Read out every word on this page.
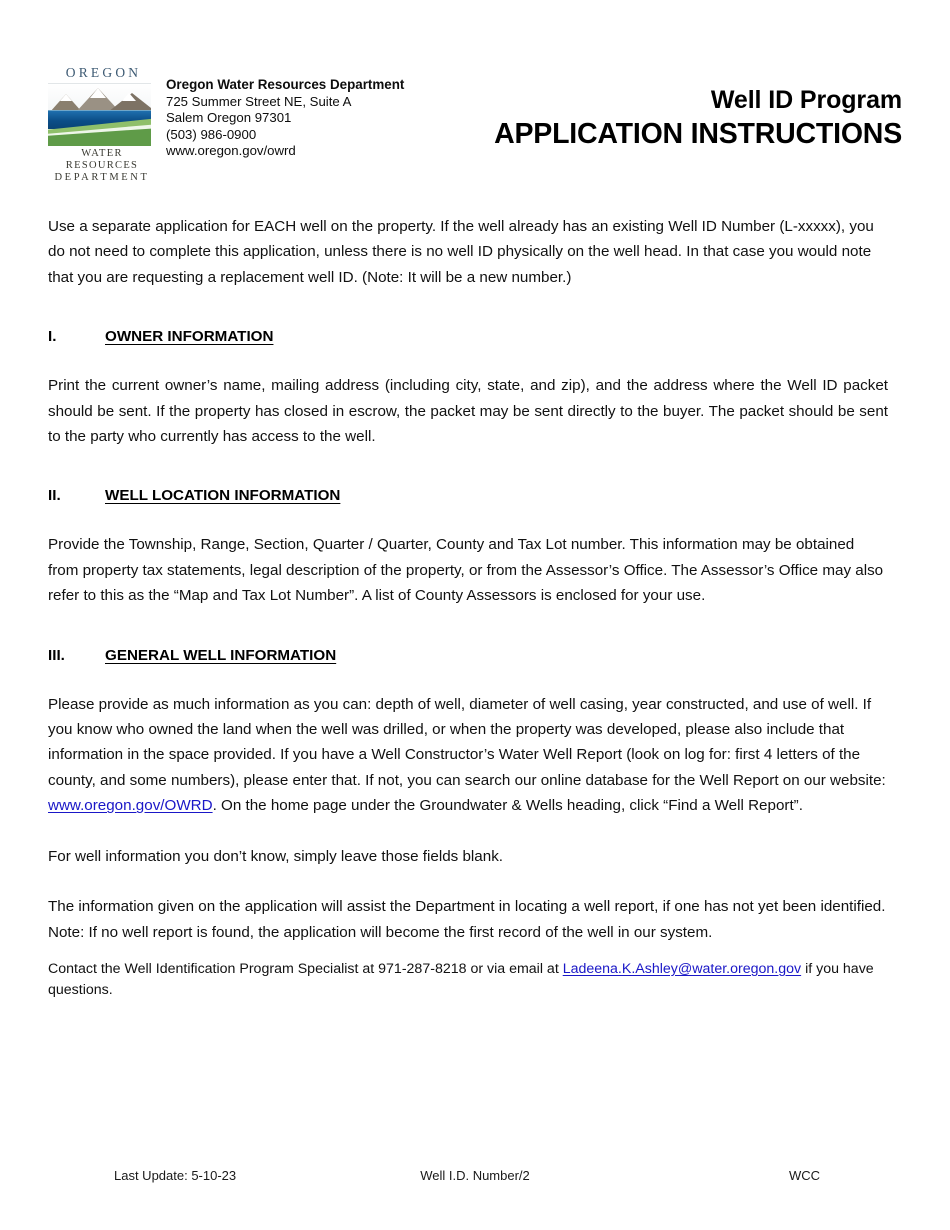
OREGON
WATER RESOURCES
DEPARTMENT
Oregon Water Resources Department
725 Summer Street NE, Suite A
Salem Oregon 97301
(503) 986-0900
www.oregon.gov/owrd
Well ID Program
APPLICATION INSTRUCTIONS

Use a separate application for EACH well on the property. If the well already has an existing Well ID Number (L-xxxxx), you do not need to complete this application, unless there is no well ID physically on the well head. In that case you would note that you are requesting a replacement well ID. (Note: It will be a new number.)

I.	OWNER INFORMATION

Print the current owner’s name, mailing address (including city, state, and zip), and the address where the Well ID packet should be sent. If the property has closed in escrow, the packet may be sent directly to the buyer. The packet should be sent to the party who currently has access to the well.

II.	WELL LOCATION INFORMATION

Provide the Township, Range, Section, Quarter / Quarter, County and Tax Lot number. This information may be obtained from property tax statements, legal description of the property, or from the Assessor’s Office. The Assessor’s Office may also refer to this as the “Map and Tax Lot Number”. A list of County Assessors is enclosed for your use.

III.	GENERAL WELL INFORMATION

Please provide as much information as you can: depth of well, diameter of well casing, year constructed, and use of well. If you know who owned the land when the well was drilled, or when the property was developed, please also include that information in the space provided. If you have a Well Constructor’s Water Well Report (look on log for: first 4 letters of the county, and some numbers), please enter that. If not, you can search our online database for the Well Report on our website: www.oregon.gov/OWRD. On the home page under the Groundwater & Wells heading, click “Find a Well Report”.

For well information you don’t know, simply leave those fields blank.

The information given on the application will assist the Department in locating a well report, if one has not yet been identified. Note: If no well report is found, the application will become the first record of the well in our system.

Contact the Well Identification Program Specialist at 971-287-8218 or via email at Ladeena.K.Ashley@water.oregon.gov if you have questions.

Last Update: 5-10-23	Well I.D. Number/2	WCC
